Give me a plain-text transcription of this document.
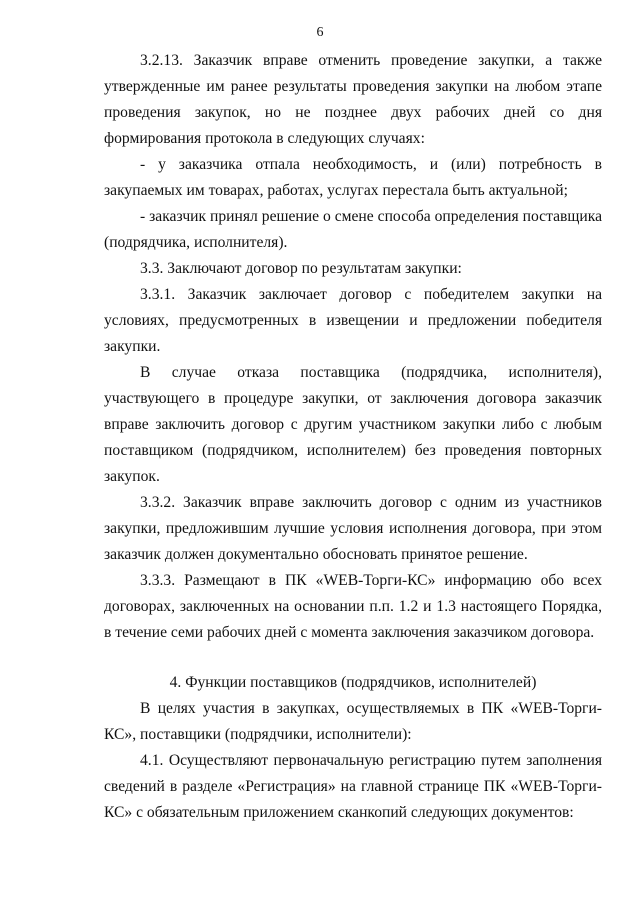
6

3.2.13. Заказчик вправе отменить проведение закупки, а также утвержденные им ранее результаты проведения закупки на любом этапе проведения закупок, но не позднее двух рабочих дней со дня формирования протокола в следующих случаях:

- у заказчика отпала необходимость, и (или) потребность в закупаемых им товарах, работах, услугах перестала быть актуальной;

- заказчик принял решение о смене способа определения поставщика (подрядчика, исполнителя).

3.3. Заключают договор по результатам закупки:

3.3.1. Заказчик заключает договор с победителем закупки на условиях, предусмотренных в извещении и предложении победителя закупки.

В случае отказа поставщика (подрядчика, исполнителя), участвующего в процедуре закупки, от заключения договора заказчик вправе заключить договор с другим участником закупки либо с любым поставщиком (подрядчиком, исполнителем) без проведения повторных закупок.

3.3.2. Заказчик вправе заключить договор с одним из участников закупки, предложившим лучшие условия исполнения договора, при этом заказчик должен документально обосновать принятое решение.

3.3.3. Размещают в ПК «WEB-Торги-КС» информацию обо всех договорах, заключенных на основании п.п. 1.2 и 1.3 настоящего Порядка, в течение семи рабочих дней с момента заключения заказчиком договора.

4. Функции поставщиков (подрядчиков, исполнителей)

В целях участия в закупках, осуществляемых в ПК «WEB-Торги-КС», поставщики (подрядчики, исполнители):

4.1. Осуществляют первоначальную регистрацию путем заполнения сведений в разделе «Регистрация» на главной странице ПК «WEB-Торги-КС» с обязательным приложением сканкопий следующих документов:
